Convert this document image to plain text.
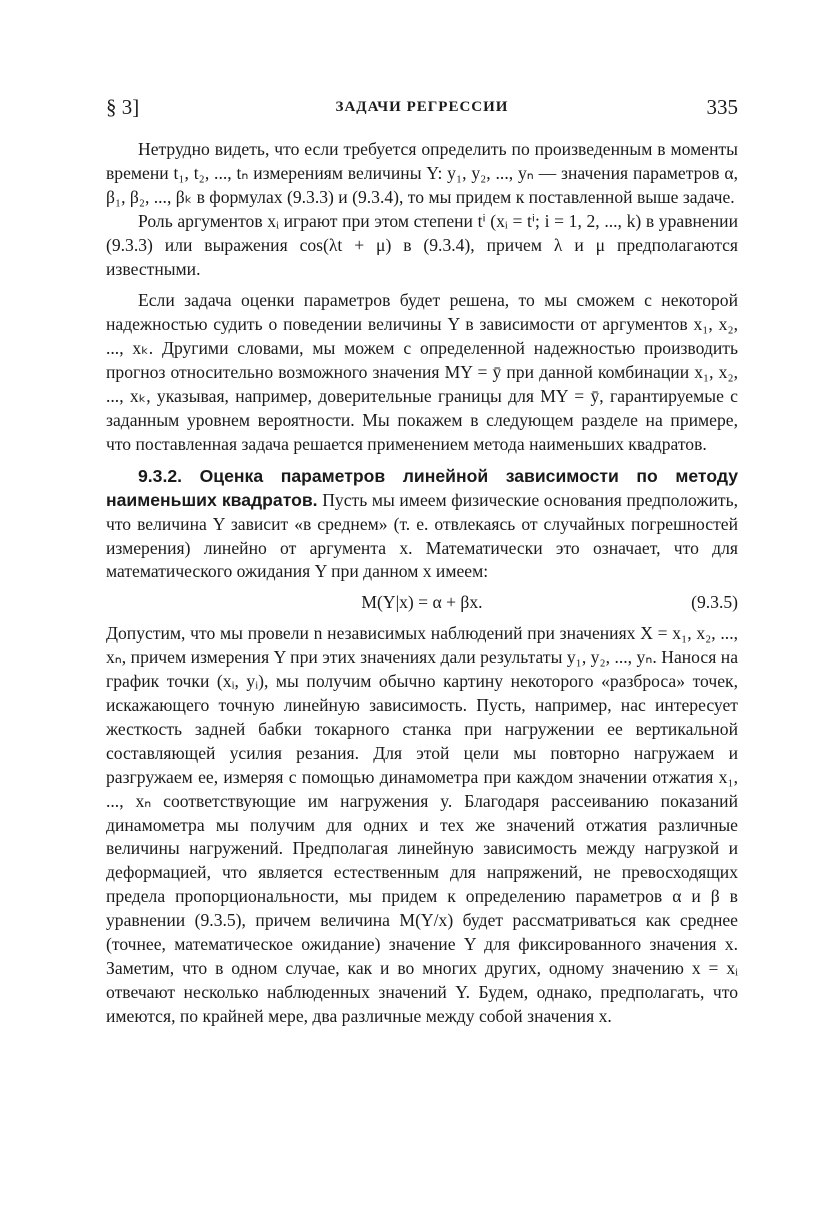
§ 3]	ЗАДАЧИ РЕГРЕССИИ	335

Нетрудно видеть, что если требуется определить по произведенным в моменты времени t₁, t₂, ..., tₙ измерениям величины Y: y₁, y₂, ..., yₙ — значения параметров α, β₁, β₂, ..., βₖ в формулах (9.3.3) и (9.3.4), то мы придем к поставленной выше задаче.

Роль аргументов xᵢ играют при этом степени tⁱ (xᵢ = tⁱ; i = 1, 2, ..., k) в уравнении (9.3.3) или выражения cos(λt + μ) в (9.3.4), причем λ и μ предполагаются известными.

Если задача оценки параметров будет решена, то мы сможем с некоторой надежностью судить о поведении величины Y в зависимости от аргументов x₁, x₂, ..., xₖ. Другими словами, мы можем с определенной надежностью производить прогноз относительно возможного значения MY = ȳ при данной комбинации x₁, x₂, ..., xₖ, указывая, например, доверительные границы для MY = ȳ, гарантируемые с заданным уровнем вероятности. Мы покажем в следующем разделе на примере, что поставленная задача решается применением метода наименьших квадратов.

9.3.2. Оценка параметров линейной зависимости по методу наименьших квадратов. Пусть мы имеем физические основания предположить, что величина Y зависит «в среднем» (т. е. отвлекаясь от случайных погрешностей измерения) линейно от аргумента x. Математически это означает, что для математического ожидания Y при данном x имеем:

M(Y|x) = α + βx.	(9.3.5)

Допустим, что мы провели n независимых наблюдений при значениях X = x₁, x₂, ..., xₙ, причем измерения Y при этих значениях дали результаты y₁, y₂, ..., yₙ. Нанося на график точки (xᵢ, yᵢ), мы получим обычно картину некоторого «разброса» точек, искажающего точную линейную зависимость. Пусть, например, нас интересует жесткость задней бабки токарного станка при нагружении ее вертикальной составляющей усилия резания. Для этой цели мы повторно нагружаем и разгружаем ее, измеряя с помощью динамометра при каждом значении отжатия x₁, ..., xₙ соответствующие им нагружения y. Благодаря рассеиванию показаний динамометра мы получим для одних и тех же значений отжатия различные величины нагружений. Предполагая линейную зависимость между нагрузкой и деформацией, что является естественным для напряжений, не превосходящих предела пропорциональности, мы придем к определению параметров α и β в уравнении (9.3.5), причем величина M(Y/x) будет рассматриваться как среднее (точнее, математическое ожидание) значение Y для фиксированного значения x. Заметим, что в одном случае, как и во многих других, одному значению x = xᵢ отвечают несколько наблюденных значений Y. Будем, однако, предполагать, что имеются, по крайней мере, два различные между собой значения x.
